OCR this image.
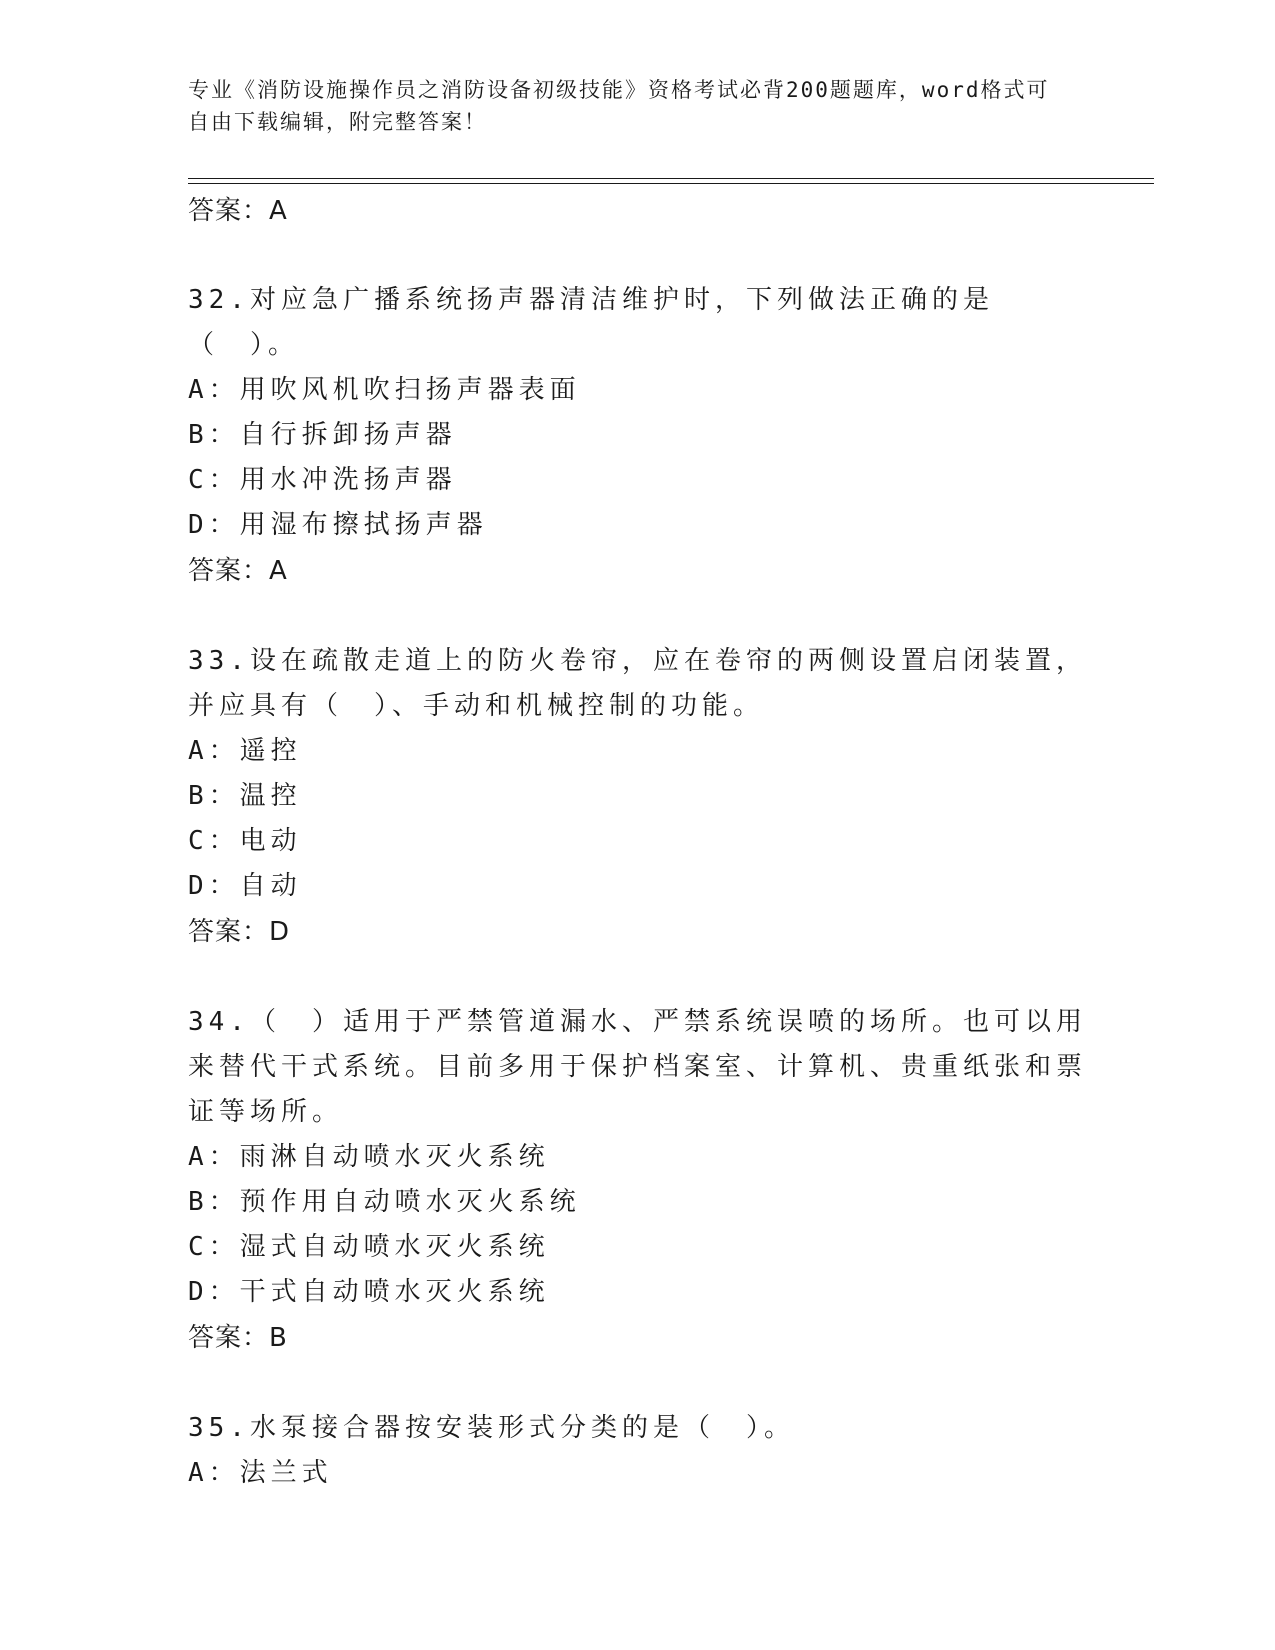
专业《消防设施操作员之消防设备初级技能》资格考试必背200题题库，word格式可自由下载编辑，附完整答案！
答案：A
32.对应急广播系统扬声器清洁维护时，下列做法正确的是（　）。
A：用吹风机吹扫扬声器表面
B：自行拆卸扬声器
C：用水冲洗扬声器
D：用湿布擦拭扬声器
答案：A
33.设在疏散走道上的防火卷帘，应在卷帘的两侧设置启闭装置，并应具有（　）、手动和机械控制的功能。
A：遥控
B：温控
C：电动
D：自动
答案：D
34.（　）适用于严禁管道漏水、严禁系统误喷的场所。也可以用来替代干式系统。目前多用于保护档案室、计算机、贵重纸张和票证等场所。
A：雨淋自动喷水灭火系统
B：预作用自动喷水灭火系统
C：湿式自动喷水灭火系统
D：干式自动喷水灭火系统
答案：B
35.水泵接合器按安装形式分类的是（　）。
A：法兰式
